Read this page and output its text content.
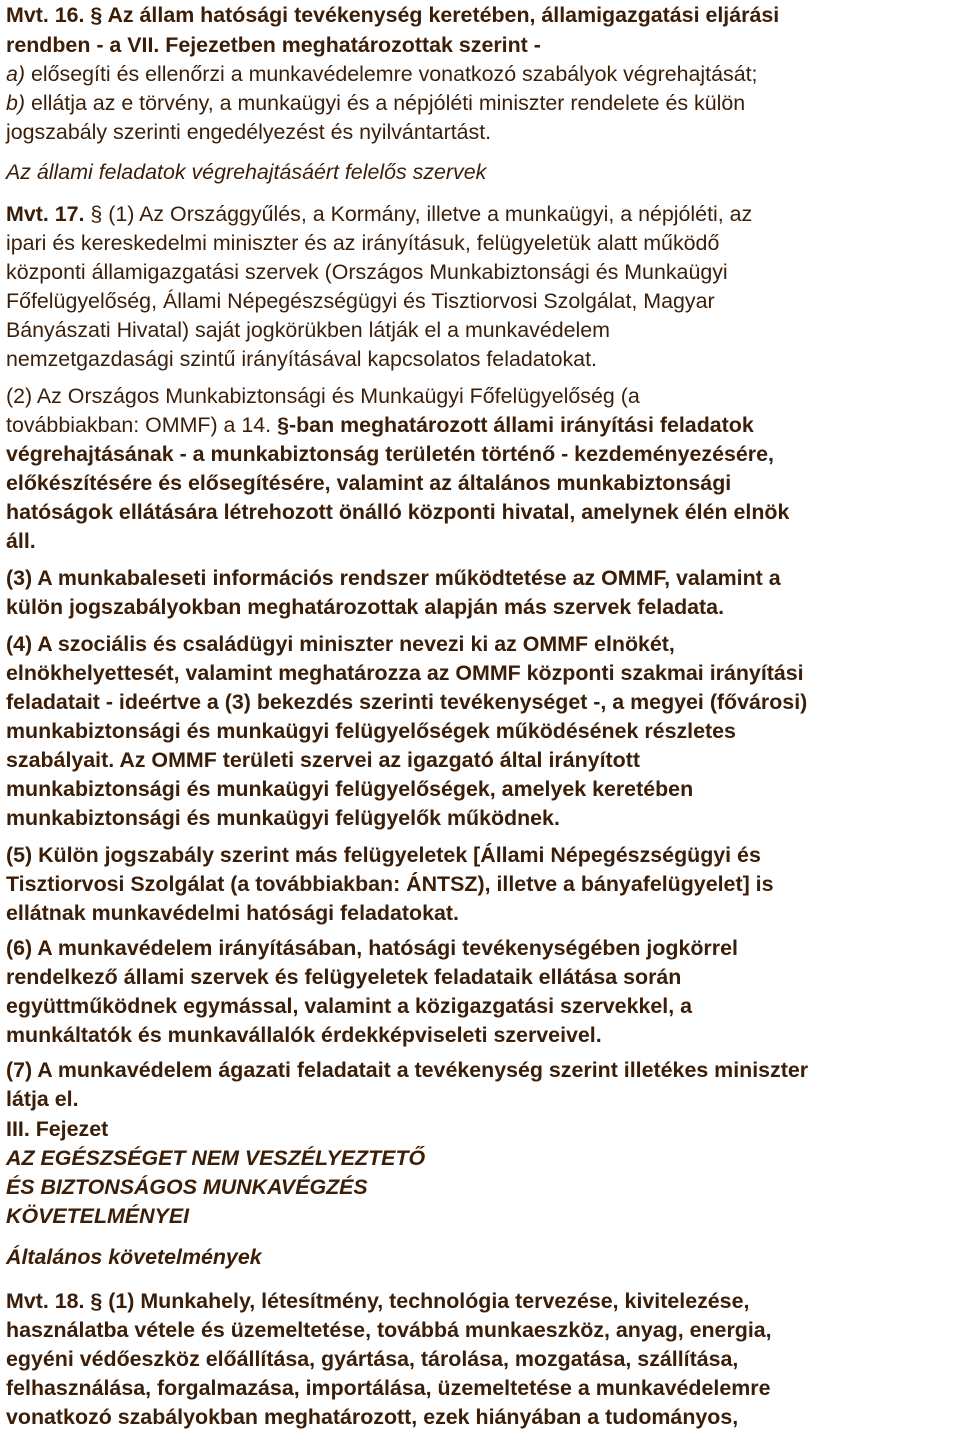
Mvt. 16. § Az állam hatósági tevékenység keretében, államigazgatási eljárási
rendben - a VII. Fejezetben meghatározottak szerint -
a) elősegíti és ellenőrzi a munkavédelemre vonatkozó szabályok végrehajtását;
b) ellátja az e törvény, a munkaügyi és a népjóléti miniszter rendelete és külön
jogszabály szerinti engedélyezést és nyilvántartást.
Az állami feladatok végrehajtásáért felelős szervek
Mvt. 17. § (1) Az Országgyűlés, a Kormány, illetve a munkaügyi, a népjóléti, az
ipari és kereskedelmi miniszter és az irányításuk, felügyeletük alatt működő
központi államigazgatási szervek (Országos Munkabiztonsági és Munkaügyi
Főfelügyelőség, Állami Népegészségügyi és Tisztiorvosi Szolgálat, Magyar
Bányászati Hivatal) saját jogkörükben látják el a munkavédelem
nemzetgazdasági szintű irányításával kapcsolatos feladatokat.
(2) Az Országos Munkabiztonsági és Munkaügyi Főfelügyelőség (a
továbbiakban: OMMF) a 14. §-ban meghatározott állami irányítási feladatok
végrehajtásának - a munkabiztonság területén történő - kezdeményezésére,
előkészítésére és elősegítésére, valamint az általános munkabiztonsági
hatóságok ellátására létrehozott önálló központi hivatal, amelynek élén elnök
áll.
(3) A munkabaleseti információs rendszer működtetése az OMMF, valamint a
külön jogszabályokban meghatározottak alapján más szervek feladata.
(4) A szociális és családügyi miniszter nevezi ki az OMMF elnökét,
elnökhelyettesét, valamint meghatározza az OMMF központi szakmai irányítási
feladatait - ideértve a (3) bekezdés szerinti tevékenységet -, a megyei (fővárosi)
munkabiztonsági és munkaügyi felügyelőségek működésének részletes
szabályait. Az OMMF területi szervei az igazgató által irányított
munkabiztonsági és munkaügyi felügyelőségek, amelyek keretében
munkabiztonsági és munkaügyi felügyelők működnek.
(5) Külön jogszabály szerint más felügyeletek [Állami Népegészségügyi és
Tisztiorvosi Szolgálat (a továbbiakban: ÁNTSZ), illetve a bányafelügyelet] is
ellátnak munkavédelmi hatósági feladatokat.
(6) A munkavédelem irányításában, hatósági tevékenységében jogkörrel
rendelkező állami szervek és felügyeletek feladataik ellátása során
együttműködnek egymással, valamint a közigazgatási szervekkel, a
munkáltatók és munkavállalók érdekképviseleti szerveivel.
(7) A munkavédelem ágazati feladatait a tevékenység szerint illetékes miniszter
látja el.
III. Fejezet
AZ EGÉSZSÉGET NEM VESZÉLYEZTETŐ
ÉS BIZTONSÁGOS MUNKAVÉGZÉS
KÖVETELMÉNYEI
Általános követelmények
Mvt. 18. § (1) Munkahely, létesítmény, technológia tervezése, kivitelezése,
használatba vétele és üzemeltetése, továbbá munkaeszköz, anyag, energia,
egyéni védőeszköz előállítása, gyártása, tárolása, mozgatása, szállítása,
felhasználása, forgalmazása, importálása, üzemeltetése a munkavédelemre
vonatkozó szabályokban meghatározott, ezek hiányában a tudományos,
